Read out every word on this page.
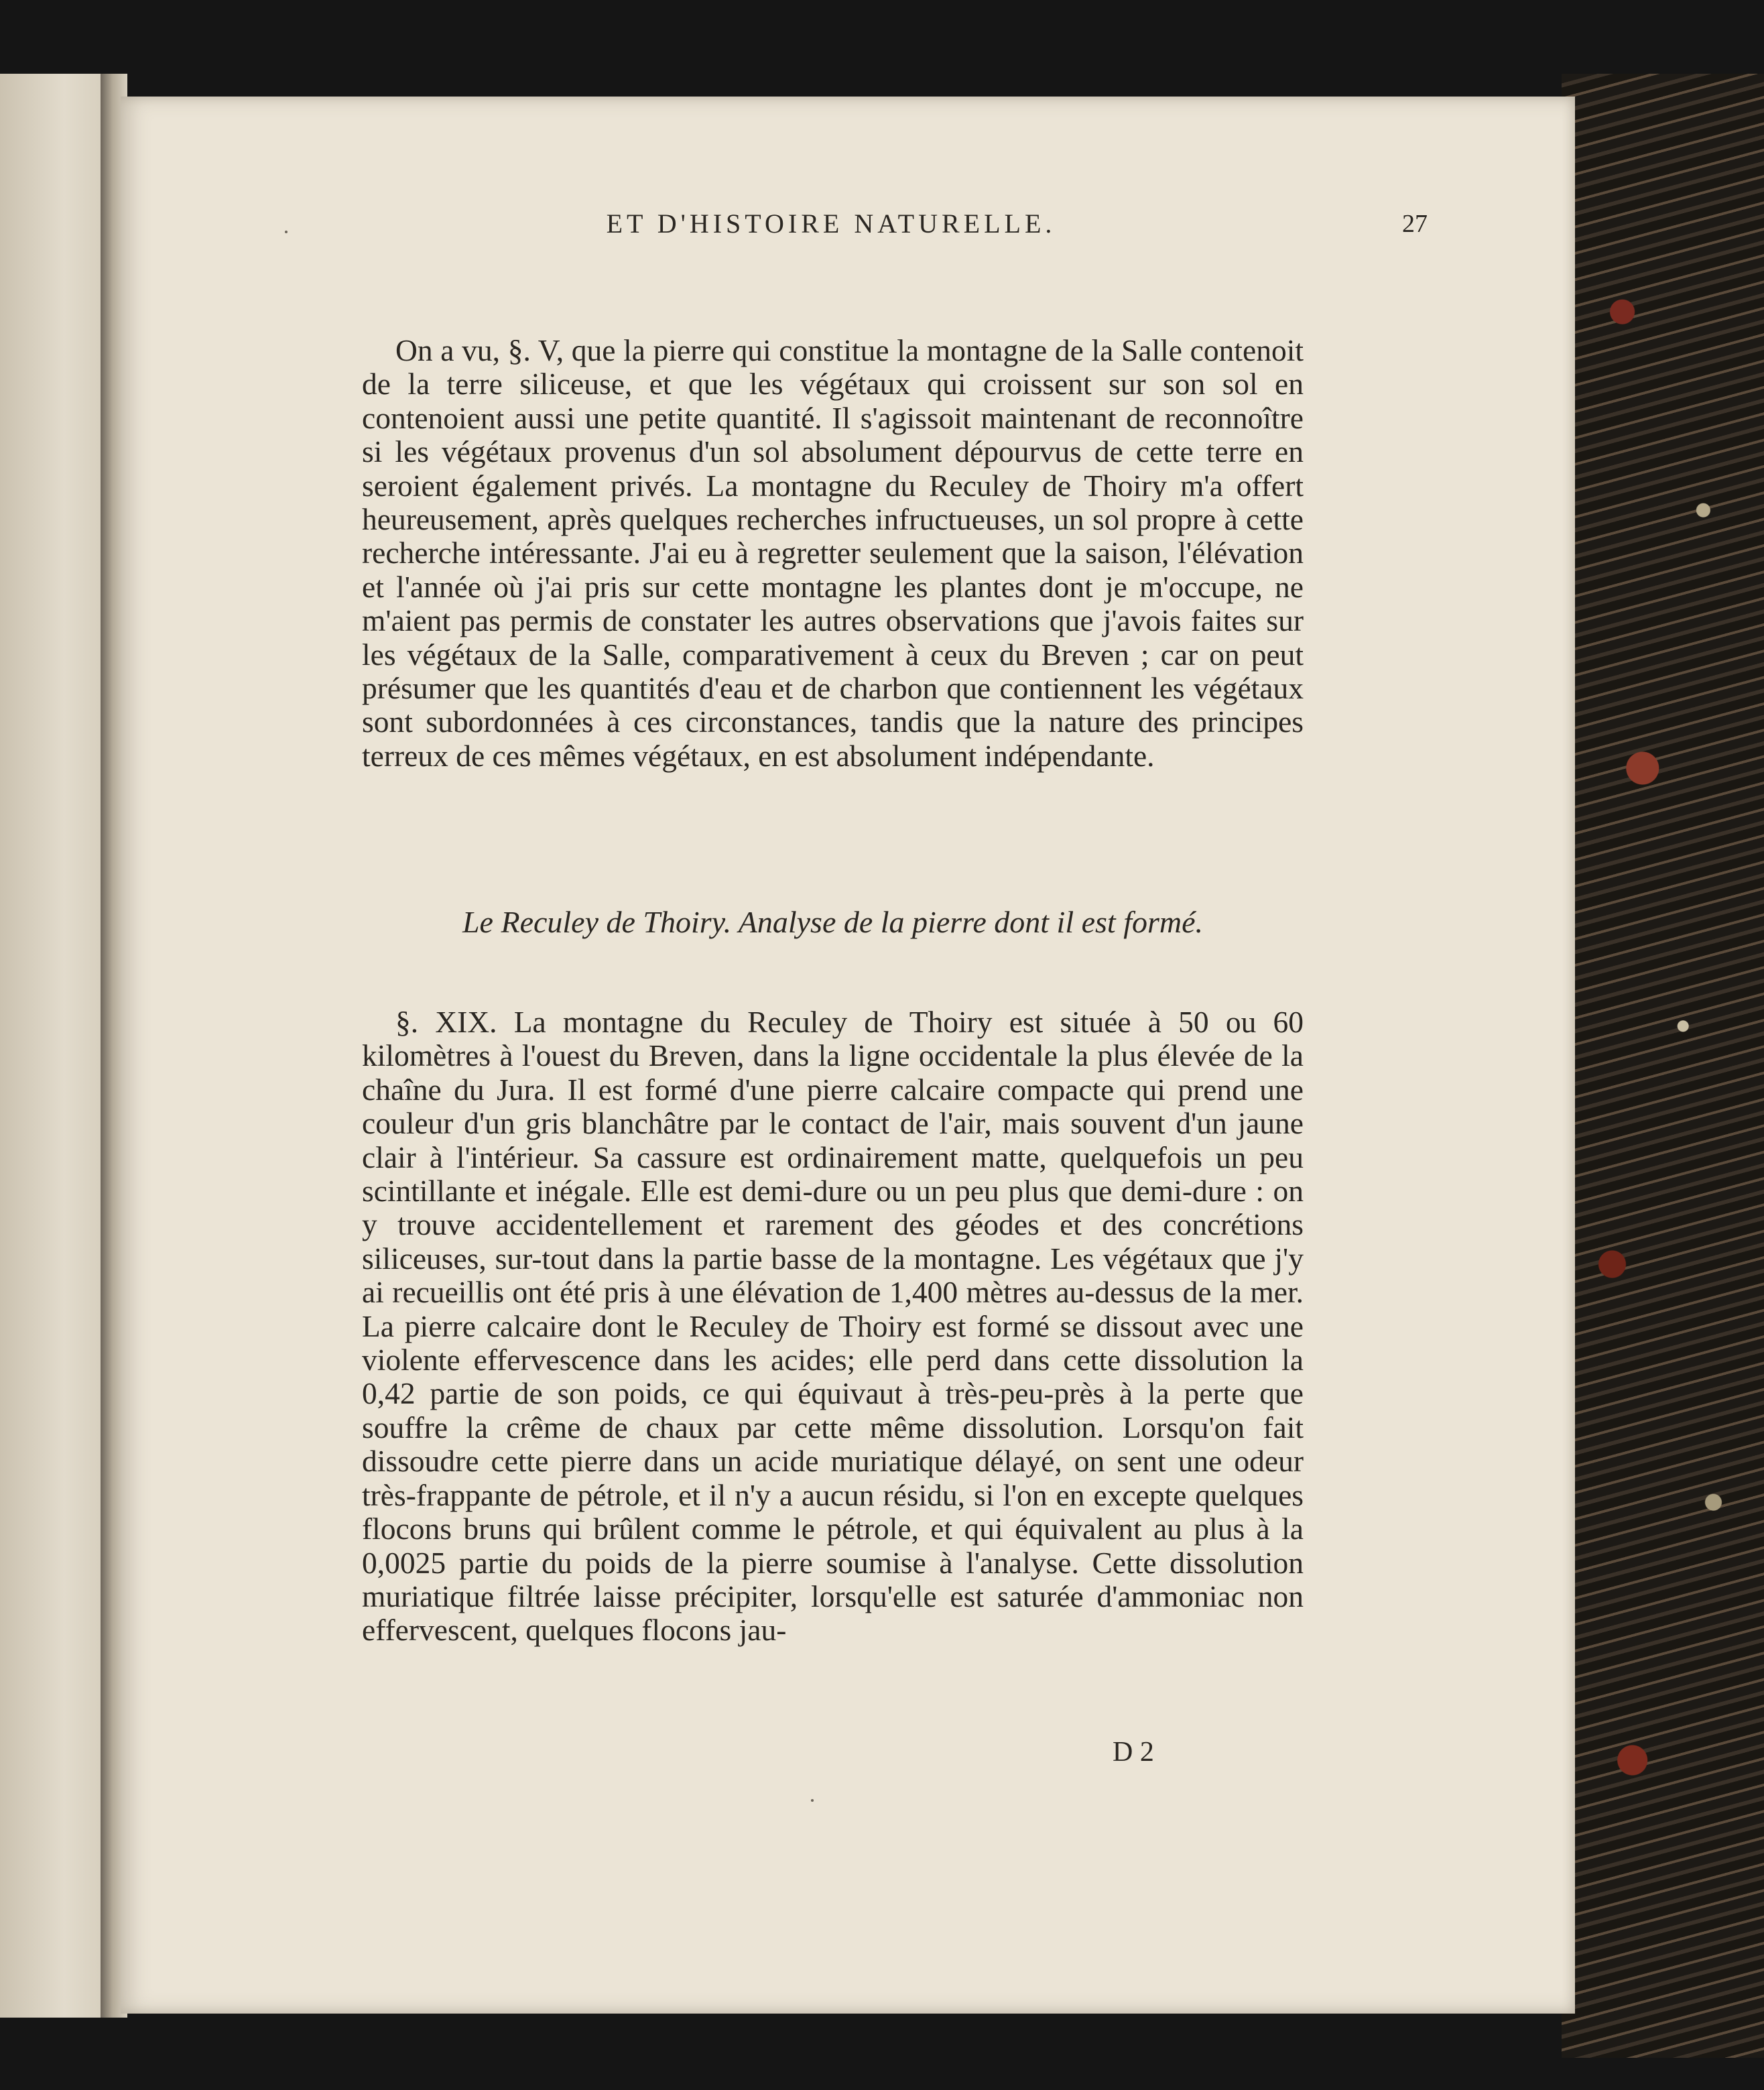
ET D'HISTOIRE NATURELLE.	27

On a vu, §. V, que la pierre qui constitue la montagne de la Salle contenoit de la terre siliceuse, et que les végétaux qui croissent sur son sol en contenoient aussi une petite quantité. Il s'agissoit maintenant de reconnoître si les végétaux provenus d'un sol absolument dépourvus de cette terre en seroient également privés. La montagne du Reculey de Thoiry m'a offert heureusement, après quelques recherches infructueuses, un sol propre à cette recherche intéressante. J'ai eu à regretter seulement que la saison, l'élévation et l'année où j'ai pris sur cette montagne les plantes dont je m'occupe, ne m'aient pas permis de constater les autres observations que j'avois faites sur les végétaux de la Salle, comparativement à ceux du Breven ; car on peut présumer que les quantités d'eau et de charbon que contiennent les végétaux sont subordonnées à ces circonstances, tandis que la nature des principes terreux de ces mêmes végétaux, en est absolument indépendante.

Le Reculey de Thoiry. Analyse de la pierre dont il est formé.

§. XIX. La montagne du Reculey de Thoiry est située à 50 ou 60 kilomètres à l'ouest du Breven, dans la ligne occidentale la plus élevée de la chaîne du Jura. Il est formé d'une pierre calcaire compacte qui prend une couleur d'un gris blanchâtre par le contact de l'air, mais souvent d'un jaune clair à l'intérieur. Sa cassure est ordinairement matte, quelquefois un peu scintillante et inégale. Elle est demi-dure ou un peu plus que demi-dure : on y trouve accidentellement et rarement des géodes et des concrétions siliceuses, sur-tout dans la partie basse de la montagne. Les végétaux que j'y ai recueillis ont été pris à une élévation de 1,400 mètres au-dessus de la mer. La pierre calcaire dont le Reculey de Thoiry est formé se dissout avec une violente effervescence dans les acides; elle perd dans cette dissolution la 0,42 partie de son poids, ce qui équivaut à très-peu-près à la perte que souffre la crême de chaux par cette même dissolution. Lorsqu'on fait dissoudre cette pierre dans un acide muriatique délayé, on sent une odeur très-frappante de pétrole, et il n'y a aucun résidu, si l'on en excepte quelques flocons bruns qui brûlent comme le pétrole, et qui équivalent au plus à la 0,0025 partie du poids de la pierre soumise à l'analyse. Cette dissolution muriatique filtrée laisse précipiter, lorsqu'elle est saturée d'ammoniac non effervescent, quelques flocons jau-

D 2
